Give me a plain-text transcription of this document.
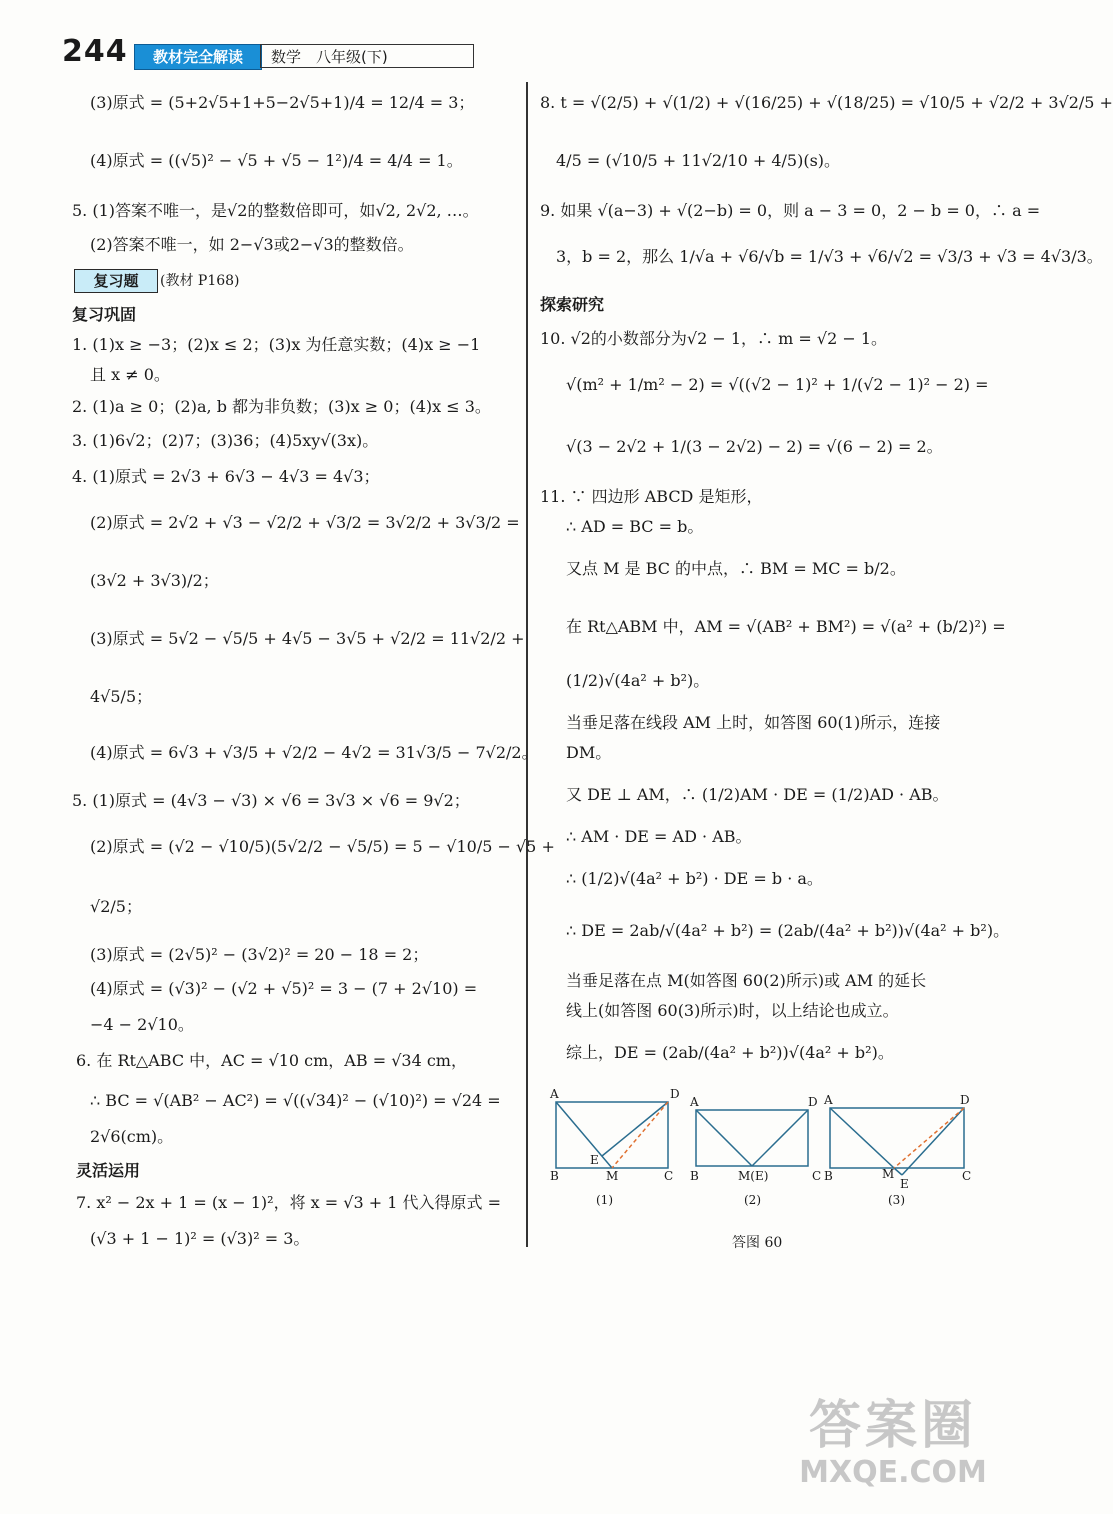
244	教材完全解读	数学　八年级(下)
(3)原式 = (5+2√5+1+5−2√5+1)/4 = 12/4 = 3；
(4)原式 = ((√5)² − √5 + √5 − 1²)/4 = 4/4 = 1。
5. (1)答案不唯一，是√2的整数倍即可，如√2, 2√2, …。
(2)答案不唯一，如 2−√3或2−√3的整数倍。
复习题	(教材 P168)
复习巩固
1. (1)x ≥ −3；(2)x ≤ 2；(3)x 为任意实数；(4)x ≥ −1
且 x ≠ 0。
2. (1)a ≥ 0；(2)a, b 都为非负数；(3)x ≥ 0；(4)x ≤ 3。
3. (1)6√2；(2)7；(3)36；(4)5xy√(3x)。
4. (1)原式 = 2√3 + 6√3 − 4√3 = 4√3；
(2)原式 = 2√2 + √3 − √2/2 + √3/2 = 3√2/2 + 3√3/2 =
(3√2 + 3√3)/2；
(3)原式 = 5√2 − √5/5 + 4√5 − 3√5 + √2/2 = 11√2/2 +
4√5/5；
(4)原式 = 6√3 + √3/5 + √2/2 − 4√2 = 31√3/5 − 7√2/2。
5. (1)原式 = (4√3 − √3) × √6 = 3√3 × √6 = 9√2；
(2)原式 = (√2 − √10/5)(5√2/2 − √5/5) = 5 − √10/5 − √5 +
√2/5；
(3)原式 = (2√5)² − (3√2)² = 20 − 18 = 2；
(4)原式 = (√3)² − (√2 + √5)² = 3 − (7 + 2√10) =
−4 − 2√10。
6. 在 Rt△ABC 中，AC = √10 cm，AB = √34 cm，
∴ BC = √(AB² − AC²) = √((√34)² − (√10)²) = √24 =
2√6(cm)。
灵活运用
7. x² − 2x + 1 = (x − 1)²，将 x = √3 + 1 代入得原式 =
(√3 + 1 − 1)² = (√3)² = 3。
8. t = √(2/5) + √(1/2) + √(16/25) + √(18/25) = √10/5 + √2/2 + 3√2/5 +
4/5 = (√10/5 + 11√2/10 + 4/5)(s)。
9. 如果 √(a−3) + √(2−b) = 0，则 a − 3 = 0，2 − b = 0，∴ a =
3，b = 2，那么 1/√a + √6/√b = 1/√3 + √6/√2 = √3/3 + √3 = 4√3/3。
探索研究
10. √2的小数部分为√2 − 1，∴ m = √2 − 1。
√(m² + 1/m² − 2) = √((√2 − 1)² + 1/(√2 − 1)² − 2) =
√(3 − 2√2 + 1/(3 − 2√2) − 2) = √(6 − 2) = 2。
11. ∵ 四边形 ABCD 是矩形，
∴ AD = BC = b。
又点 M 是 BC 的中点，∴ BM = MC = b/2。
在 Rt△ABM 中，AM = √(AB² + BM²) = √(a² + (b/2)²) =
(1/2)√(4a² + b²)。
当垂足落在线段 AM 上时，如答图 60(1)所示，连接
DM。
又 DE ⊥ AM，∴ (1/2)AM · DE = (1/2)AD · AB。
∴ AM · DE = AD · AB。
∴ (1/2)√(4a² + b²) · DE = b · a。
∴ DE = 2ab/√(4a² + b²) = (2ab/(4a² + b²))√(4a² + b²)。
当垂足落在点 M(如答图 60(2)所示)或 AM 的延长
线上(如答图 60(3)所示)时，以上结论也成立。
综上，DE = (2ab/(4a² + b²))√(4a² + b²)。
A	D
B	C
E
M
A	D
B	C
M(E)
A	D
B	C
M
E
(1)	(2)	(3)
答图 60
答案圈
MXQE.COM
